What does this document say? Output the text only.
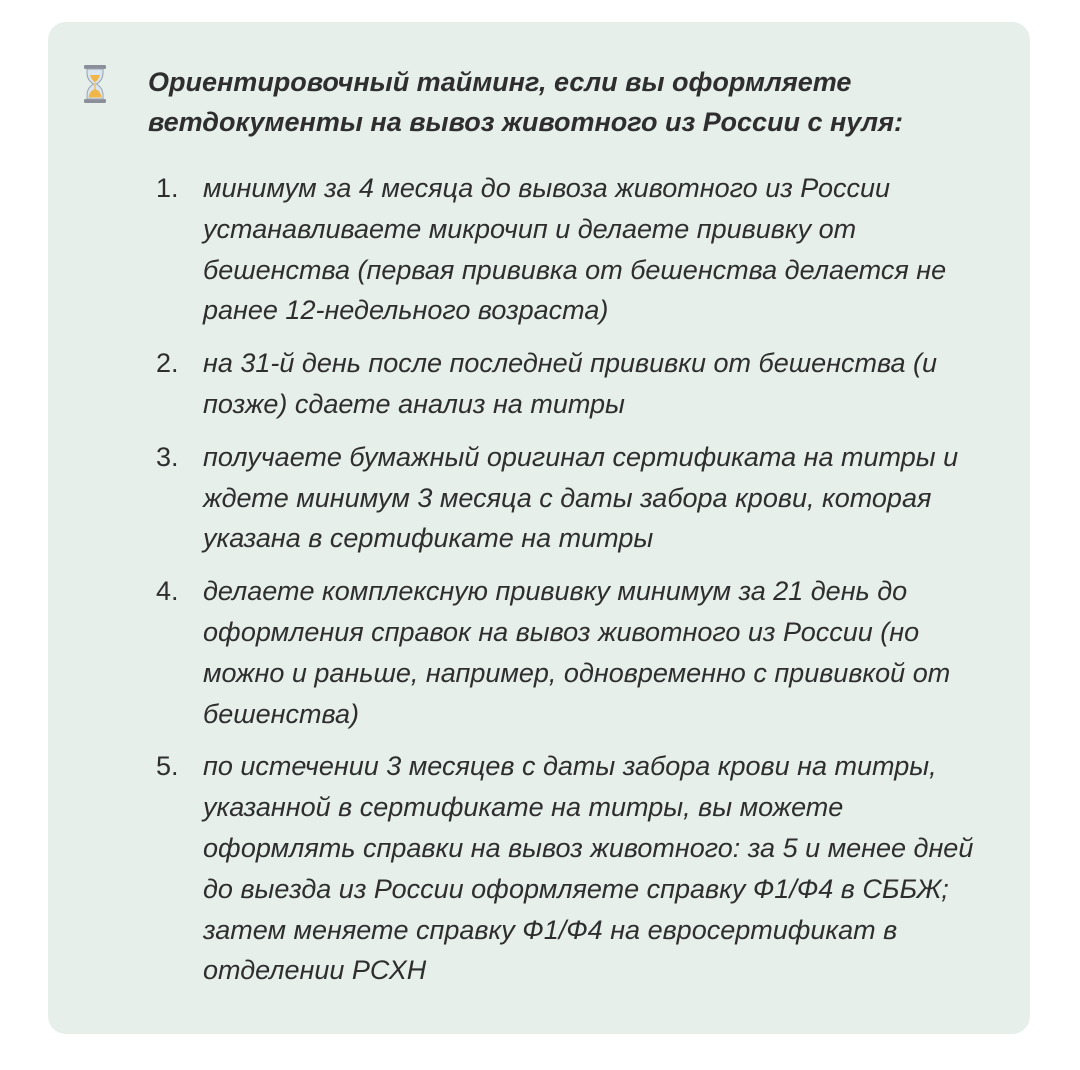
Ориентировочный тайминг, если вы оформляете ветдокументы на вывоз животного из России с нуля:
1. минимум за 4 месяца до вывоза животного из России устанавливаете микрочип и делаете прививку от бешенства (первая прививка от бешенства делается не ранее 12-недельного возраста)
2. на 31-й день после последней прививки от бешенства (и позже) сдаете анализ на титры
3. получаете бумажный оригинал сертификата на титры и ждете минимум 3 месяца с даты забора крови, которая указана в сертификате на титры
4. делаете комплексную прививку минимум за 21 день до оформления справок на вывоз животного из России (но можно и раньше, например, одновременно с прививкой от бешенства)
5. по истечении 3 месяцев с даты забора крови на титры, указанной в сертификате на титры, вы можете оформлять справки на вывоз животного: за 5 и менее дней до выезда из России оформляете справку Ф1/Ф4 в СББЖ; затем меняете справку Ф1/Ф4 на евросертификат в отделении РСХН
